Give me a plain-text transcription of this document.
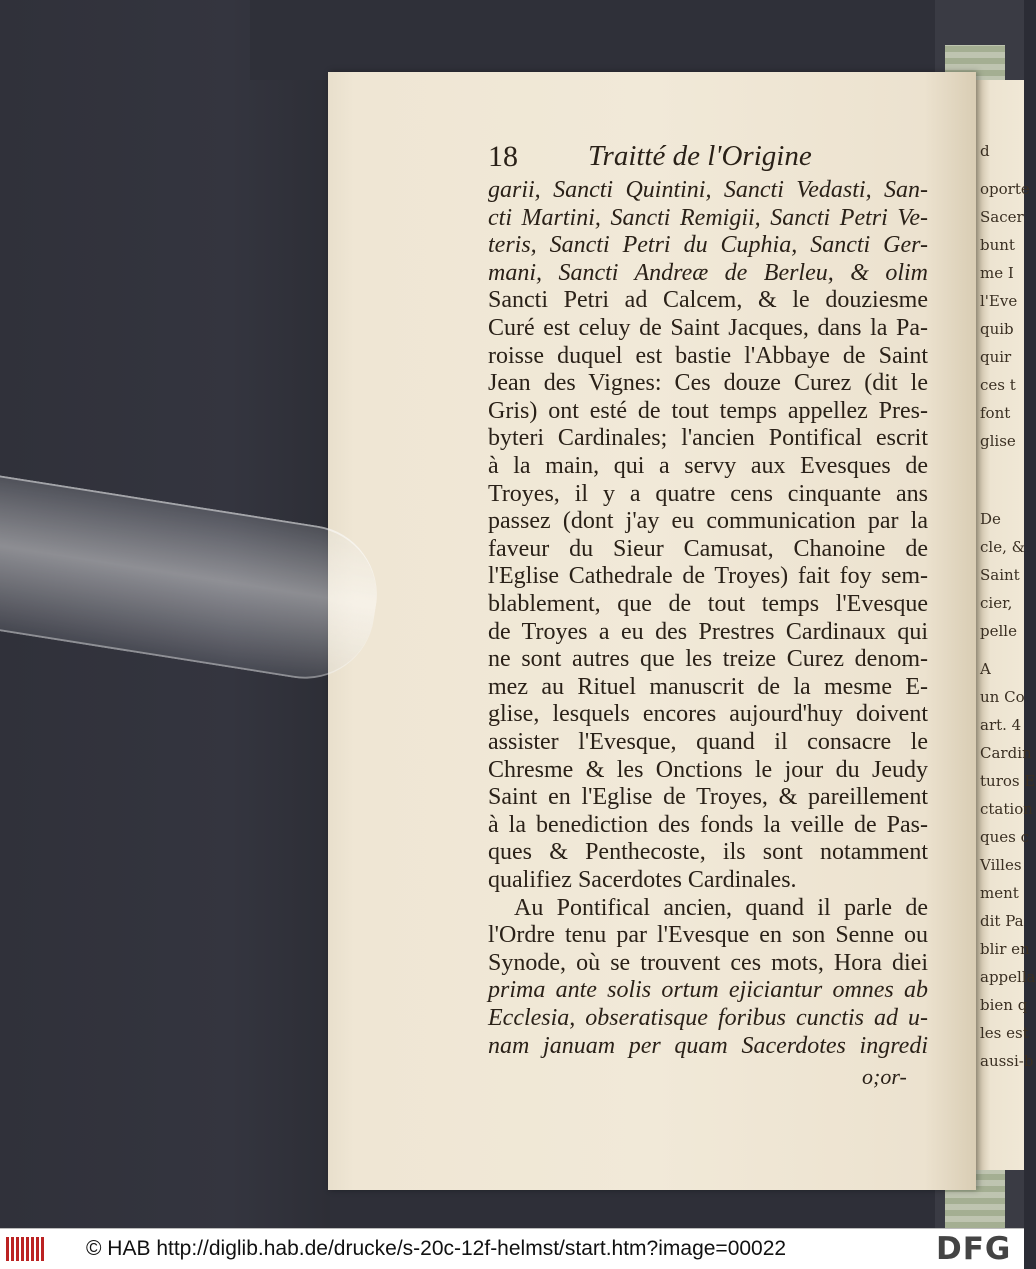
d
oporte
Sacer
bunt
me I
l'Eve
quib
quir
ces t
font
glise
De
cle, &
Saint
cier,
pelle
A
un Co
art. 4
Cardin
turos E
ctation
ques c
Villes
ment
dit Pa
blir en
appella
bien q
les est
aussi-b
18 Traitté de l'Origine
garii, Sancti Quintini, Sancti Vedasti, San-
cti Martini, Sancti Remigii, Sancti Petri Ve-
teris, Sancti Petri du Cuphia, Sancti Ger-
mani, Sancti Andreæ de Berleu, & olim
Sancti Petri ad Calcem, & le douziesme
Curé est celuy de Saint Jacques, dans la Pa-
roisse duquel est bastie l'Abbaye de Saint
Jean des Vignes: Ces douze Curez (dit le
Gris) ont esté de tout temps appellez Pres-
byteri Cardinales; l'ancien Pontifical escrit
à la main, qui a servy aux Evesques de
Troyes, il y a quatre cens cinquante ans
passez (dont j'ay eu communication par la
faveur du Sieur Camusat, Chanoine de
l'Eglise Cathedrale de Troyes) fait foy sem-
blablement, que de tout temps l'Evesque
de Troyes a eu des Prestres Cardinaux qui
ne sont autres que les treize Curez denom-
mez au Rituel manuscrit de la mesme E-
glise, lesquels encores aujourd'huy doivent
assister l'Evesque, quand il consacre le
Chresme & les Onctions le jour du Jeudy
Saint en l'Eglise de Troyes, & pareillement
à la benediction des fonds la veille de Pas-
ques & Penthecoste, ils sont notamment
qualifiez Sacerdotes Cardinales.
Au Pontifical ancien, quand il parle de
l'Ordre tenu par l'Evesque en son Senne ou
Synode, où se trouvent ces mots, Hora diei
prima ante solis ortum ejiciantur omnes ab
Ecclesia, obseratisque foribus cunctis ad u-
nam januam per quam Sacerdotes ingredi
o;or-
© HAB http://diglib.hab.de/drucke/s-20c-12f-helmst/start.htm?image=00022	DFG
